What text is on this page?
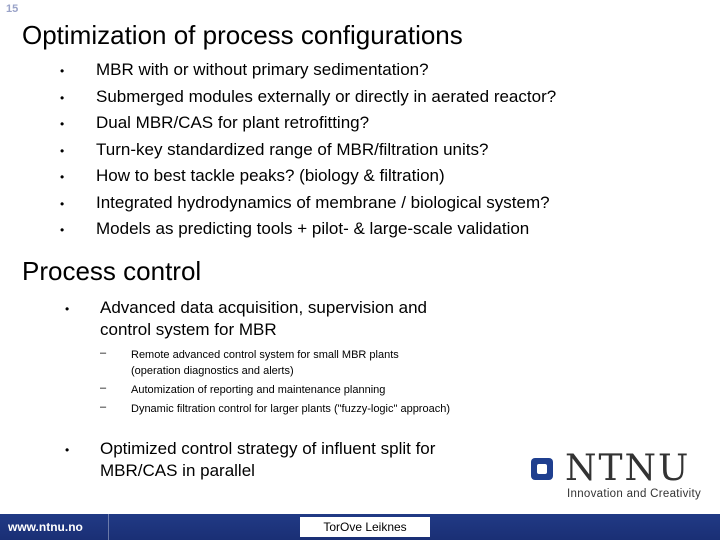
15
Optimization of process configurations
• MBR with or without primary sedimentation?
• Submerged modules externally or directly in aerated reactor?
• Dual MBR/CAS for plant retrofitting?
• Turn-key standardized range of MBR/filtration units?
• How to best tackle peaks? (biology & filtration)
• Integrated hydrodynamics of membrane / biological system?
• Models as predicting tools + pilot- & large-scale validation
Process control
• Advanced data acquisition, supervision and control system for MBR
– Remote advanced control system for small MBR plants (operation diagnostics and alerts)
– Automization of reporting and maintenance planning
– Dynamic filtration control for larger plants ("fuzzy-logic" approach)
• Optimized control strategy of influent split for MBR/CAS in parallel	NTNU
Innovation and Creativity
www.ntnu.no	TorOve Leiknes
